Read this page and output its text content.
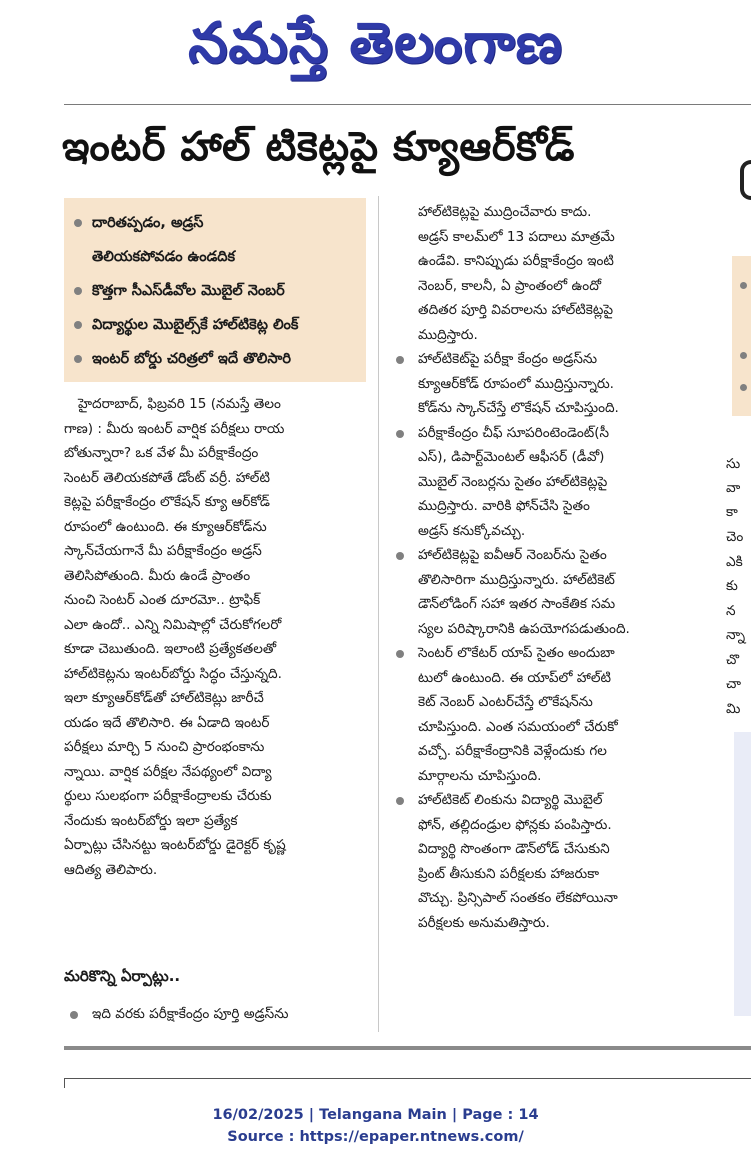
నమస్తే తెలంగాణ
ఇంటర్ హాల్ టికెట్లపై క్యూఆర్‌కోడ్
దారితప్పడం, అడ్రస్
తెలియకపోవడం ఉండదిక
కొత్తగా సీఎస్‌డీవోల మొబైల్ నెంబర్
విద్యార్థుల మొబైల్స్‌కే హాల్‌టికెట్ల లింక్
ఇంటర్ బోర్డు చరిత్రలో ఇదే తొలిసారి

హైదరాబాద్, ఫిబ్రవరి 15 (నమస్తే తెలం

గాణ) : మీరు ఇంటర్ వార్షిక పరీక్షలు రాయ

బోతున్నారా? ఒక వేళ మీ పరీక్షాకేంద్రం

సెంటర్ తెలియకపోతే డోంట్ వర్రీ. హాల్‌టి

కెట్లపై పరీక్షాకేంద్రం లొకేషన్ క్యూ ఆర్‌కోడ్

రూపంలో ఉంటుంది. ఈ క్యూఆర్‌కోడ్‌ను

స్కాన్‌చేయగానే మీ పరీక్షాకేంద్రం అడ్రస్

తెలిసిపోతుంది. మీరు ఉండే ప్రాంతం

నుంచి సెంటర్ ఎంత దూరమో.. ట్రాఫిక్

ఎలా ఉందో.. ఎన్ని నిమిషాల్లో చేరుకోగలరో

కూడా చెబుతుంది. ఇలాంటి ప్రత్యేకతలతో

హాల్‌టికెట్లను ఇంటర్‌బోర్డు సిద్ధం చేస్తున్నది.

ఇలా క్యూఆర్‌కోడ్‌తో హాల్‌టికెట్లు జారీచే

యడం ఇదే తొలిసారి. ఈ ఏడాది ఇంటర్

పరీక్షలు మార్చి 5 నుంచి ప్రారంభంకాను

న్నాయి. వార్షిక పరీక్షల నేపథ్యంలో విద్యా

ర్థులు సులభంగా పరీక్షాకేంద్రాలకు చేరుకు

నేందుకు ఇంటర్‌బోర్డు ఇలా ప్రత్యేక

ఏర్పాట్లు చేసినట్టు ఇంటర్‌బోర్డు డైరెక్టర్ కృష్ణ

ఆదిత్య తెలిపారు.

మరికొన్ని ఏర్పాట్లు..
ఇది వరకు పరీక్షాకేంద్రం పూర్తి అడ్రస్‌ను

హాల్‌టికెట్లపై ముద్రించేవారు కాదు.

అడ్రస్ కాలమ్‌లో 13 పదాలు మాత్రమే

ఉండేవి. కానిప్పుడు పరీక్షాకేంద్రం ఇంటి

నెంబర్, కాలనీ, ఏ ప్రాంతంలో ఉందో

తదితర పూర్తి వివరాలను హాల్‌టికెట్లపై

ముద్రిస్తారు.

హాల్‌టికెట్‌పై పరీక్షా కేంద్రం అడ్రస్‌ను

క్యూఆర్‌కోడ్ రూపంలో ముద్రిస్తున్నారు.

కోడ్‌ను స్కాన్‌చేస్తే లొకేషన్ చూపిస్తుంది.

పరీక్షాకేంద్రం చీఫ్ సూపరింటెండెంట్(సీ

ఎస్), డిపార్ట్‌మెంటల్ ఆఫీసర్ (డీవో)

మొబైల్ నెంబర్లను సైతం హాల్‌టికెట్లపై

ముద్రిస్తారు. వారికి ఫోన్‌చేసి సైతం

అడ్రస్ కనుక్కోవచ్చు.

హాల్‌టికెట్లపై ఐవీఆర్ నెంబర్‌ను సైతం

తొలిసారిగా ముద్రిస్తున్నారు. హాల్‌టికెట్

డౌన్‌లోడింగ్ సహా ఇతర సాంకేతిక సమ

స్యల పరిష్కారానికి ఉపయోగపడుతుంది.

సెంటర్ లొకేటర్ యాప్ సైతం అందుబా

టులో ఉంటుంది. ఈ యాప్‌లో హాల్‌టి

కెట్ నెంబర్ ఎంటర్‌చేస్తే లొకేషన్‌ను

చూపిస్తుంది. ఎంత సమయంలో చేరుకో

వచ్చో. పరీక్షాకేంద్రానికి వెళ్లేందుకు గల

మార్గాలను చూపిస్తుంది.

హాల్‌టికెట్ లింకును విద్యార్థి మొబైల్

ఫోన్, తల్లిదండ్రుల ఫోన్లకు పంపిస్తారు.

విద్యార్థి సొంతంగా డౌన్‌లోడ్ చేసుకుని

ప్రింట్ తీసుకుని పరీక్షలకు హాజరుకా

వొచ్చు. ప్రిన్సిపాల్ సంతకం లేకపోయినా

పరీక్షలకు అనుమతిస్తారు.

సు
వా
కా
చెం
ఎకి
కు
న
న్నా
చొ
చా
మి
16/02/2025 | Telangana Main | Page : 14
Source : https://epaper.ntnews.com/
